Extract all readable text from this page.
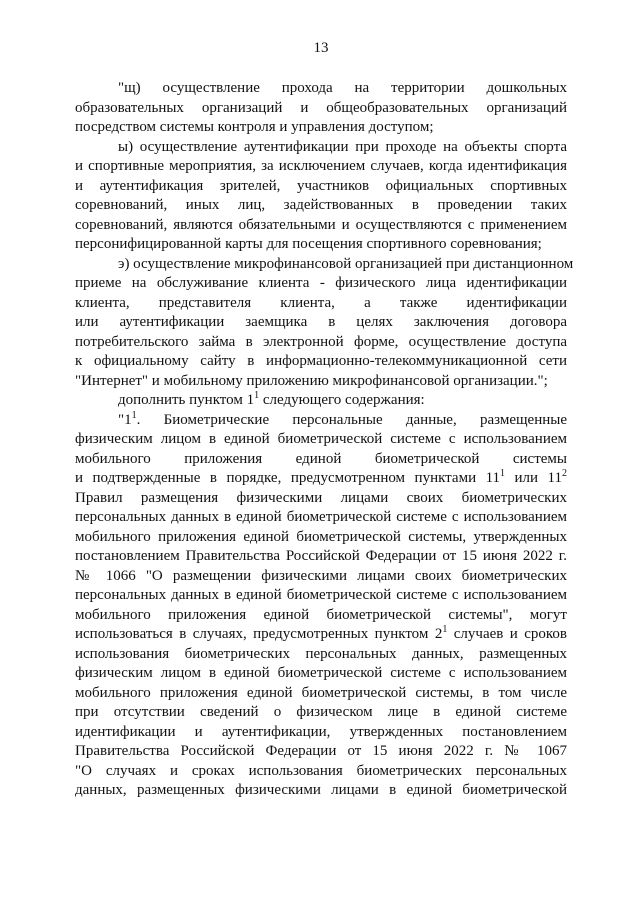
13
"щ) осуществление прохода на территории дошкольных
образовательных организаций и общеобразовательных организаций
посредством системы контроля и управления доступом;
ы) осуществление аутентификации при проходе на объекты спорта
и спортивные мероприятия, за исключением случаев, когда идентификация
и аутентификация зрителей, участников официальных спортивных
соревнований, иных лиц, задействованных в проведении таких
соревнований, являются обязательными и осуществляются с применением
персонифицированной карты для посещения спортивного соревнования;
э) осуществление микрофинансовой организацией при дистанционном
приеме на обслуживание клиента - физического лица идентификации
клиента, представителя клиента, а также идентификации
или аутентификации заемщика в целях заключения договора
потребительского займа в электронной форме, осуществление доступа
к официальному сайту в информационно-телекоммуникационной сети
"Интернет" и мобильному приложению микрофинансовой организации.";
дополнить пунктом $1^1$ следующего содержания:
"$1^1$. Биометрические персональные данные, размещенные
физическим лицом в единой биометрической системе с использованием
мобильного приложения единой биометрической системы
и подтвержденные в порядке, предусмотренном пунктами $11^1$ или $11^2$
Правил размещения физическими лицами своих биометрических
персональных данных в единой биометрической системе с использованием
мобильного приложения единой биометрической системы, утвержденных
постановлением Правительства Российской Федерации от 15 июня 2022 г.
№ 1066 "О размещении физическими лицами своих биометрических
персональных данных в единой биометрической системе с использованием
мобильного приложения единой биометрической системы", могут
использоваться в случаях, предусмотренных пунктом $2^1$ случаев и сроков
использования биометрических персональных данных, размещенных
физическим лицом в единой биометрической системе с использованием
мобильного приложения единой биометрической системы, в том числе
при отсутствии сведений о физическом лице в единой системе
идентификации и аутентификации, утвержденных постановлением
Правительства Российской Федерации от 15 июня 2022 г. № 1067
"О случаях и сроках использования биометрических персональных
данных, размещенных физическими лицами в единой биометрической
